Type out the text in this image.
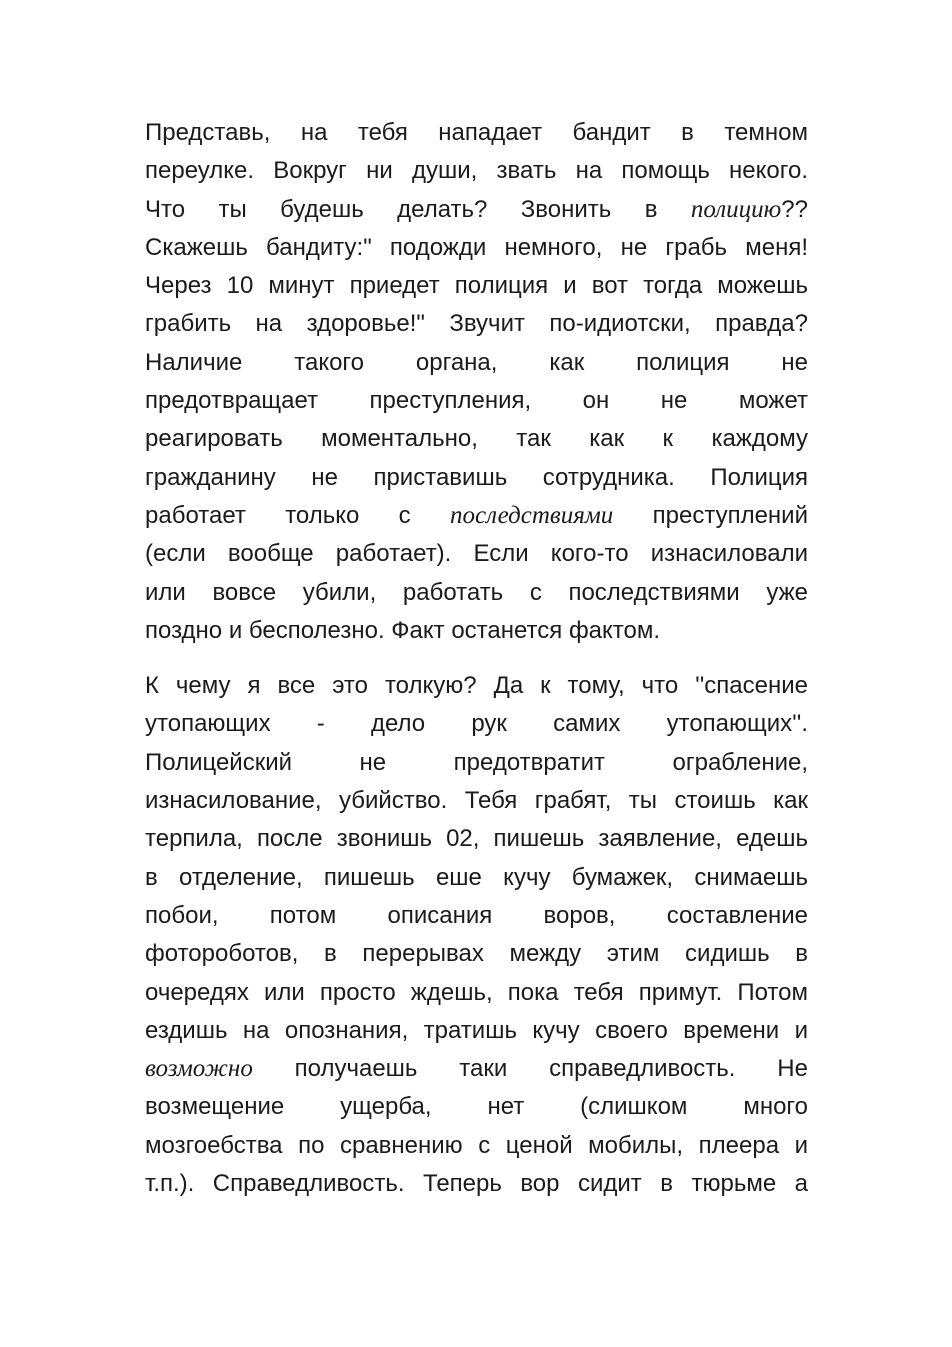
Представь, на тебя нападает бандит в темном
переулке. Вокруг ни души, звать на помощь некого.
Что ты будешь делать? Звонить в полицию??
Скажешь бандиту:" подожди немного, не грабь меня!
Через 10 минут приедет полиция и вот тогда можешь
грабить на здоровье!" Звучит по-идиотски, правда?
Наличие такого органа, как полиция не
предотвращает преступления, он не может
реагировать моментально, так как к каждому
гражданину не приставишь сотрудника. Полиция
работает только с последствиями преступлений
(если вообще работает). Если кого-то изнасиловали
или вовсе убили, работать с последствиями уже
поздно и бесполезно. Факт останется фактом.
К чему я все это толкую? Да к тому, что ''спасение
утопающих - дело рук самих утопающих''.
Полицейский не предотвратит ограбление,
изнасилование, убийство. Тебя грабят, ты стоишь как
терпила, после звонишь 02, пишешь заявление, едешь
в отделение, пишешь еше кучу бумажек, снимаешь
побои, потом описания воров, составление
фотороботов, в перерывах между этим сидишь в
очередях или просто ждешь, пока тебя примут. Потом
ездишь на опознания, тратишь кучу своего времени и
возможно получаешь таки справедливость. Не
возмещение ущерба, нет (слишком много
мозгоебства по сравнению с ценой мобилы, плеера и
т.п.). Справедливость. Теперь вор сидит в тюрьме а
